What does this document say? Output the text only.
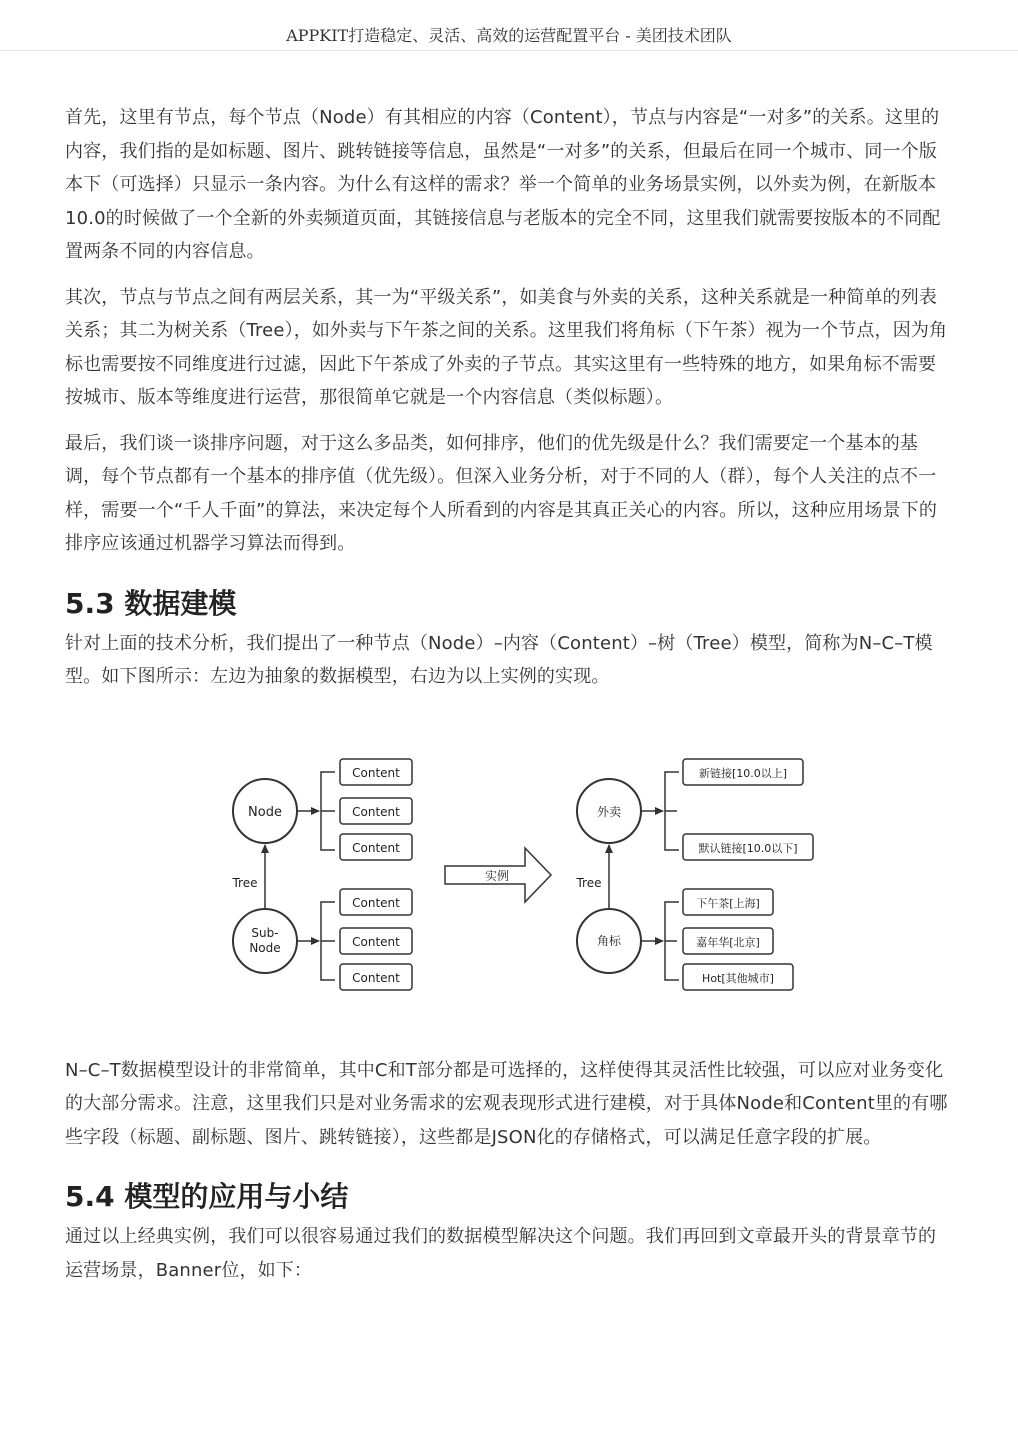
APPKIT打造稳定、灵活、高效的运营配置平台 - 美团技术团队

首先，这里有节点，每个节点（Node）有其相应的内容（Content），节点与内容是“一对多”的关系。这里的内容，我们指的是如标题、图片、跳转链接等信息，虽然是“一对多”的关系，但最后在同一个城市、同一个版本下（可选择）只显示一条内容。为什么有这样的需求？举一个简单的业务场景实例，以外卖为例，在新版本10.0的时候做了一个全新的外卖频道页面，其链接信息与老版本的完全不同，这里我们就需要按版本的不同配置两条不同的内容信息。

其次，节点与节点之间有两层关系，其一为“平级关系”，如美食与外卖的关系，这种关系就是一种简单的列表关系；其二为树关系（Tree），如外卖与下午茶之间的关系。这里我们将角标（下午茶）视为一个节点，因为角标也需要按不同维度进行过滤，因此下午茶成了外卖的子节点。其实这里有一些特殊的地方，如果角标不需要按城市、版本等维度进行运营，那很简单它就是一个内容信息（类似标题）。

最后，我们谈一谈排序问题，对于这么多品类，如何排序，他们的优先级是什么？我们需要定一个基本的基调，每个节点都有一个基本的排序值（优先级）。但深入业务分析，对于不同的人（群），每个人关注的点不一样，需要一个“千人千面”的算法，来决定每个人所看到的内容是其真正关心的内容。所以，这种应用场景下的排序应该通过机器学习算法而得到。

5.3 数据建模

针对上面的技术分析，我们提出了一种节点（Node）–内容（Content）–树（Tree）模型，简称为N–C–T模型。如下图所示：左边为抽象的数据模型，右边为以上实例的实现。

Node
Sub-
Node
Tree
Content
Content
Content
Content
Content
Content
实例
外卖
角标
Tree
新链接[10.0以上]
默认链接[10.0以下]
下午茶[上海]
嘉年华[北京]
Hot[其他城市]

N–C–T数据模型设计的非常简单，其中C和T部分都是可选择的，这样使得其灵活性比较强，可以应对业务变化的大部分需求。注意，这里我们只是对业务需求的宏观表现形式进行建模，对于具体Node和Content里的有哪些字段（标题、副标题、图片、跳转链接），这些都是JSON化的存储格式，可以满足任意字段的扩展。

5.4 模型的应用与小结

通过以上经典实例，我们可以很容易通过我们的数据模型解决这个问题。我们再回到文章最开头的背景章节的运营场景，Banner位，如下：
